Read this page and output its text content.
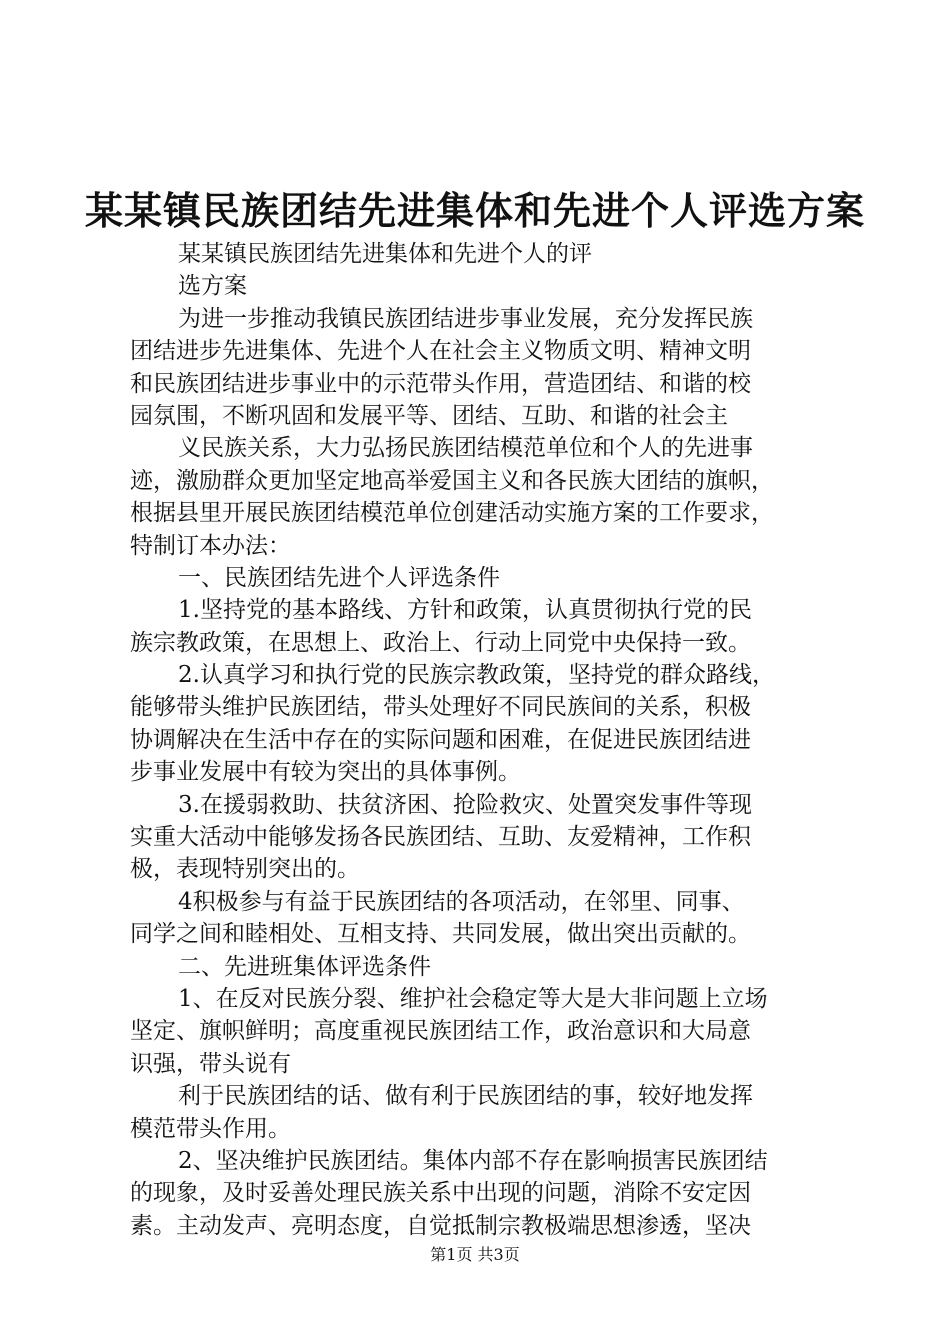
某某镇民族团结先进集体和先进个人评选方案
某某镇民族团结先进集体和先进个人的评
选方案
为进一步推动我镇民族团结进步事业发展，充分发挥民族
团结进步先进集体、先进个人在社会主义物质文明、精神文明
和民族团结进步事业中的示范带头作用，营造团结、和谐的校
园氛围，不断巩固和发展平等、团结、互助、和谐的社会主
义民族关系，大力弘扬民族团结模范单位和个人的先进事
迹，激励群众更加坚定地高举爱国主义和各民族大团结的旗帜，
根据县里开展民族团结模范单位创建活动实施方案的工作要求，
特制订本办法：
一、民族团结先进个人评选条件
1.坚持党的基本路线、方针和政策，认真贯彻执行党的民
族宗教政策，在思想上、政治上、行动上同党中央保持一致。
2.认真学习和执行党的民族宗教政策，坚持党的群众路线，
能够带头维护民族团结，带头处理好不同民族间的关系，积极
协调解决在生活中存在的实际问题和困难，在促进民族团结进
步事业发展中有较为突出的具体事例。
3.在援弱救助、扶贫济困、抢险救灾、处置突发事件等现
实重大活动中能够发扬各民族团结、互助、友爱精神，工作积
极，表现特别突出的。
4积极参与有益于民族团结的各项活动，在邻里、同事、
同学之间和睦相处、互相支持、共同发展，做出突出贡献的。
二、先进班集体评选条件
1、在反对民族分裂、维护社会稳定等大是大非问题上立场
坚定、旗帜鲜明；高度重视民族团结工作，政治意识和大局意
识强，带头说有
利于民族团结的话、做有利于民族团结的事，较好地发挥
模范带头作用。
2、坚决维护民族团结。集体内部不存在影响损害民族团结
的现象，及时妥善处理民族关系中出现的问题，消除不安定因
素。主动发声、亮明态度，自觉抵制宗教极端思想渗透，坚决
第1页 共3页
